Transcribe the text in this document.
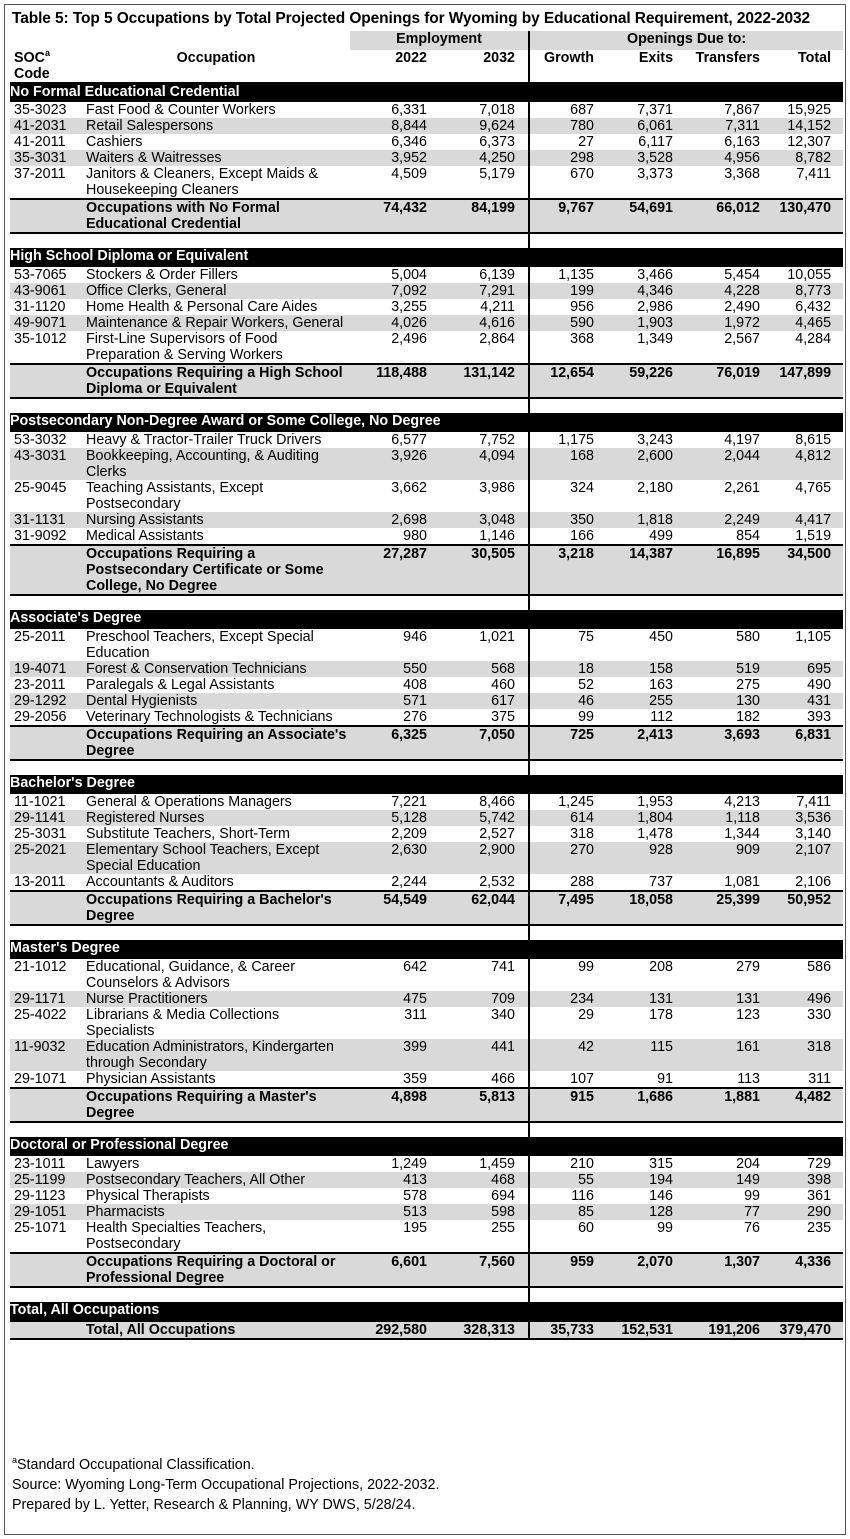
Table 5: Top 5 Occupations by Total Projected Openings for Wyoming by Educational Requirement, 2022-2032
		Employment		Openings Due to:			
SOC$^a$ Code	Occupation	2022	2032	Growth	Exits	Transfers	Total
No Formal Educational Credential							
35-3023	Fast Food & Counter Workers	6,331	7,018	687	7,371	7,867	15,925
41-2031	Retail Salespersons	8,844	9,624	780	6,061	7,311	14,152
41-2011	Cashiers	6,346	6,373	27	6,117	6,163	12,307
35-3031	Waiters & Waitresses	3,952	4,250	298	3,528	4,956	8,782
37-2011	Janitors & Cleaners, Except Maids & Housekeeping Cleaners	4,509	5,179	670	3,373	3,368	7,411
	Occupations with No Formal Educational Credential	74,432	84,199	9,767	54,691	66,012	130,470

High School Diploma or Equivalent							
53-7065	Stockers & Order Fillers	5,004	6,139	1,135	3,466	5,454	10,055
43-9061	Office Clerks, General	7,092	7,291	199	4,346	4,228	8,773
31-1120	Home Health & Personal Care Aides	3,255	4,211	956	2,986	2,490	6,432
49-9071	Maintenance & Repair Workers, General	4,026	4,616	590	1,903	1,972	4,465
35-1012	First-Line Supervisors of Food Preparation & Serving Workers	2,496	2,864	368	1,349	2,567	4,284
	Occupations Requiring a High School Diploma or Equivalent	118,488	131,142	12,654	59,226	76,019	147,899

Postsecondary Non-Degree Award or Some College, No Degree							
53-3032	Heavy & Tractor-Trailer Truck Drivers	6,577	7,752	1,175	3,243	4,197	8,615
43-3031	Bookkeeping, Accounting, & Auditing Clerks	3,926	4,094	168	2,600	2,044	4,812
25-9045	Teaching Assistants, Except Postsecondary	3,662	3,986	324	2,180	2,261	4,765
31-1131	Nursing Assistants	2,698	3,048	350	1,818	2,249	4,417
31-9092	Medical Assistants	980	1,146	166	499	854	1,519
	Occupations Requiring a Postsecondary Certificate or Some College, No Degree	27,287	30,505	3,218	14,387	16,895	34,500

Associate's Degree							
25-2011	Preschool Teachers, Except Special Education	946	1,021	75	450	580	1,105
19-4071	Forest & Conservation Technicians	550	568	18	158	519	695
23-2011	Paralegals & Legal Assistants	408	460	52	163	275	490
29-1292	Dental Hygienists	571	617	46	255	130	431
29-2056	Veterinary Technologists & Technicians	276	375	99	112	182	393
	Occupations Requiring an Associate's Degree	6,325	7,050	725	2,413	3,693	6,831

Bachelor's Degree							
11-1021	General & Operations Managers	7,221	8,466	1,245	1,953	4,213	7,411
29-1141	Registered Nurses	5,128	5,742	614	1,804	1,118	3,536
25-3031	Substitute Teachers, Short-Term	2,209	2,527	318	1,478	1,344	3,140
25-2021	Elementary School Teachers, Except Special Education	2,630	2,900	270	928	909	2,107
13-2011	Accountants & Auditors	2,244	2,532	288	737	1,081	2,106
	Occupations Requiring a Bachelor's Degree	54,549	62,044	7,495	18,058	25,399	50,952

Master's Degree							
21-1012	Educational, Guidance, & Career Counselors & Advisors	642	741	99	208	279	586
29-1171	Nurse Practitioners	475	709	234	131	131	496
25-4022	Librarians & Media Collections Specialists	311	340	29	178	123	330
11-9032	Education Administrators, Kindergarten through Secondary	399	441	42	115	161	318
29-1071	Physician Assistants	359	466	107	91	113	311
	Occupations Requiring a Master's Degree	4,898	5,813	915	1,686	1,881	4,482

Doctoral or Professional Degree							
23-1011	Lawyers	1,249	1,459	210	315	204	729
25-1199	Postsecondary Teachers, All Other	413	468	55	194	149	398
29-1123	Physical Therapists	578	694	116	146	99	361
29-1051	Pharmacists	513	598	85	128	77	290
25-1071	Health Specialties Teachers, Postsecondary	195	255	60	99	76	235
	Occupations Requiring a Doctoral or Professional Degree	6,601	7,560	959	2,070	1,307	4,336

Total, All Occupations							
	Total, All Occupations	292,580	328,313	35,733	152,531	191,206	379,470
$^a$Standard Occupational Classification.
Source: Wyoming Long-Term Occupational Projections, 2022-2032.
Prepared by L. Yetter, Research & Planning, WY DWS, 5/28/24.
